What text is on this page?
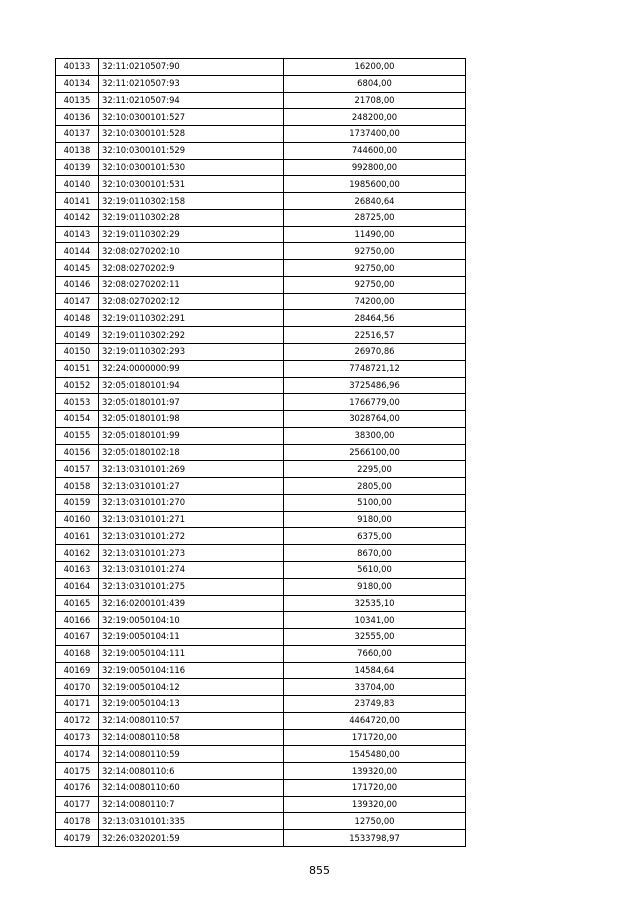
40133	32:11:0210507:90	16200,00
40134	32:11:0210507:93	6804,00
40135	32:11:0210507:94	21708,00
40136	32:10:0300101:527	248200,00
40137	32:10:0300101:528	1737400,00
40138	32:10:0300101:529	744600,00
40139	32:10:0300101:530	992800,00
40140	32:10:0300101:531	1985600,00
40141	32:19:0110302:158	26840,64
40142	32:19:0110302:28	28725,00
40143	32:19:0110302:29	11490,00
40144	32:08:0270202:10	92750,00
40145	32:08:0270202:9	92750,00
40146	32:08:0270202:11	92750,00
40147	32:08:0270202:12	74200,00
40148	32:19:0110302:291	28464,56
40149	32:19:0110302:292	22516,57
40150	32:19:0110302:293	26970,86
40151	32:24:0000000:99	7748721,12
40152	32:05:0180101:94	3725486,96
40153	32:05:0180101:97	1766779,00
40154	32:05:0180101:98	3028764,00
40155	32:05:0180101:99	38300,00
40156	32:05:0180102:18	2566100,00
40157	32:13:0310101:269	2295,00
40158	32:13:0310101:27	2805,00
40159	32:13:0310101:270	5100,00
40160	32:13:0310101:271	9180,00
40161	32:13:0310101:272	6375,00
40162	32:13:0310101:273	8670,00
40163	32:13:0310101:274	5610,00
40164	32:13:0310101:275	9180,00
40165	32:16:0200101:439	32535,10
40166	32:19:0050104:10	10341,00
40167	32:19:0050104:11	32555,00
40168	32:19:0050104:111	7660,00
40169	32:19:0050104:116	14584,64
40170	32:19:0050104:12	33704,00
40171	32:19:0050104:13	23749,83
40172	32:14:0080110:57	4464720,00
40173	32:14:0080110:58	171720,00
40174	32:14:0080110:59	1545480,00
40175	32:14:0080110:6	139320,00
40176	32:14:0080110:60	171720,00
40177	32:14:0080110:7	139320,00
40178	32:13:0310101:335	12750,00
40179	32:26:0320201:59	1533798,97
855
